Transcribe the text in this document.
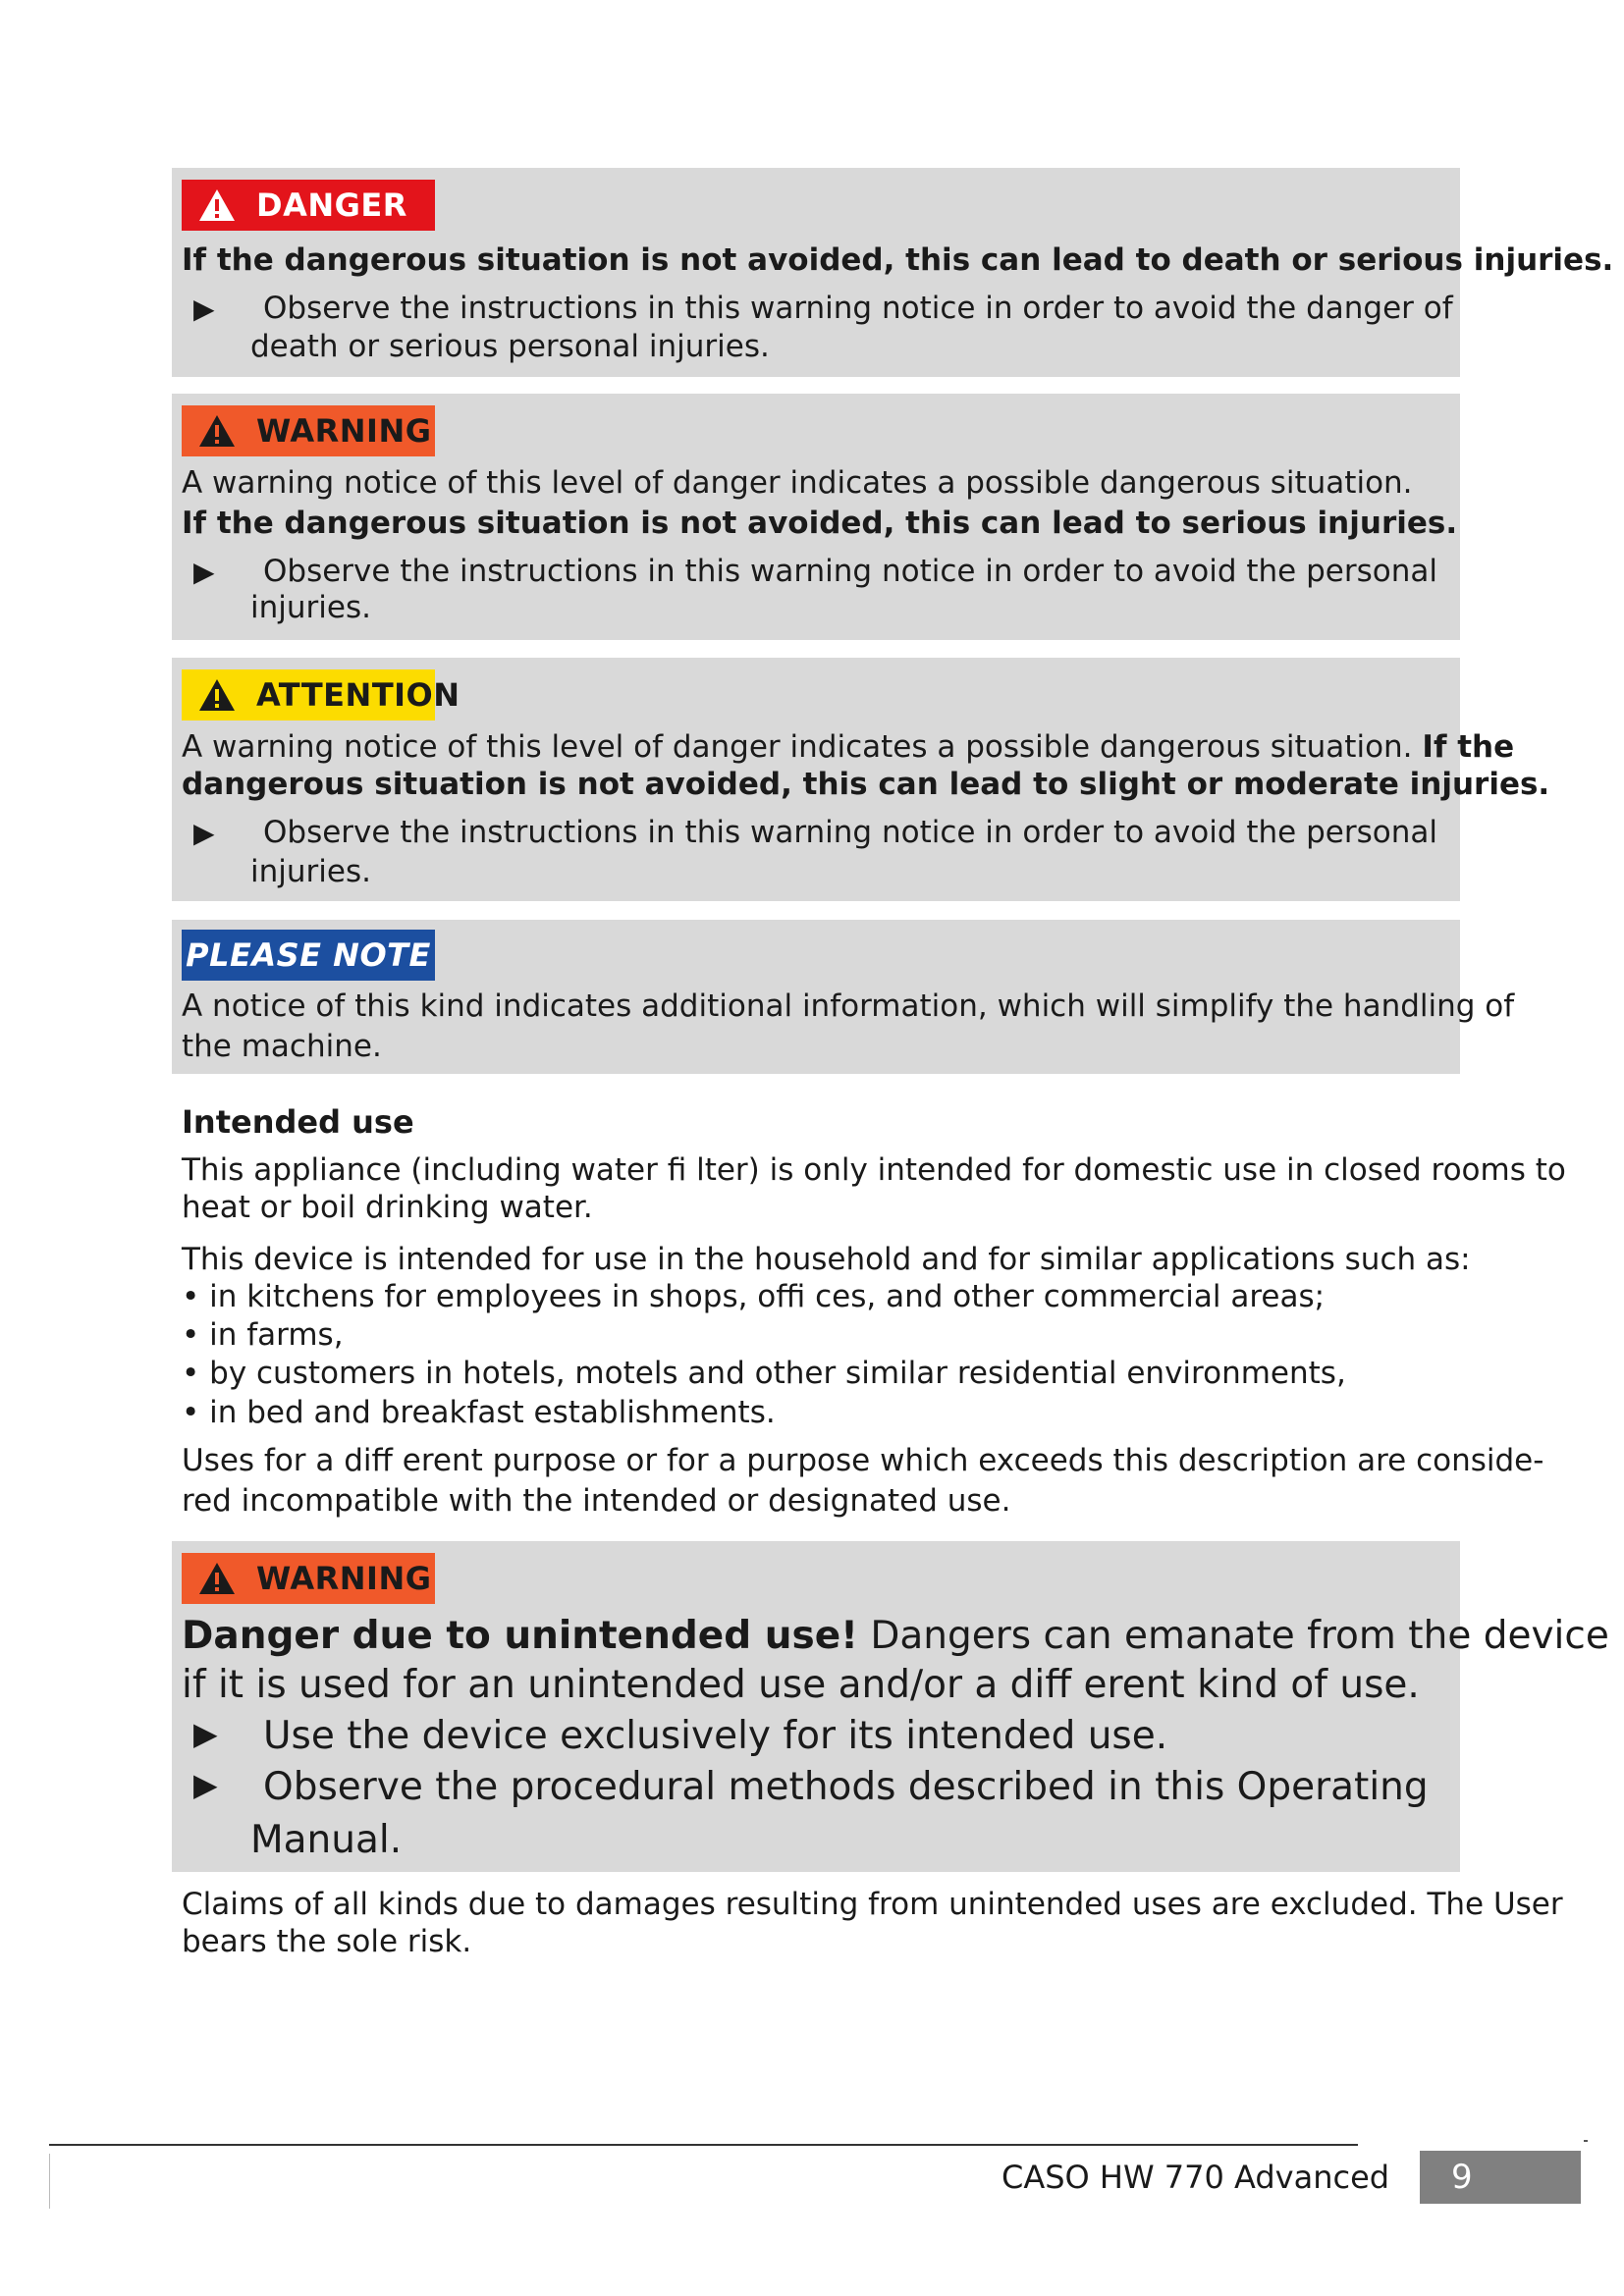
DANGER

If the dangerous situation is not avoided, this can lead to death or serious injuries.

▶ Observe the instructions in this warning notice in order to avoid the danger of

death or serious personal injuries.

WARNING

A warning notice of this level of danger indicates a possible dangerous situation.

If the dangerous situation is not avoided, this can lead to serious injuries.

▶ Observe the instructions in this warning notice in order to avoid the personal

injuries.

ATTENTION

A warning notice of this level of danger indicates a possible dangerous situation. If the

dangerous situation is not avoided, this can lead to slight or moderate injuries.

▶ Observe the instructions in this warning notice in order to avoid the personal

injuries.

PLEASE NOTE

A notice of this kind indicates additional information, which will simplify the handling of

the machine.

Intended use

This appliance (including water fi lter) is only intended for domestic use in closed rooms to

heat or boil drinking water.

This device is intended for use in the household and for similar applications such as:

• in kitchens for employees in shops, offi ces, and other commercial areas;

• in farms,

• by customers in hotels, motels and other similar residential environments,

• in bed and breakfast establishments.

Uses for a diff erent purpose or for a purpose which exceeds this description are conside-

red incompatible with the intended or designated use.

WARNING

Danger due to unintended use! Dangers can emanate from the device

if it is used for an unintended use and/or a diff erent kind of use.

▶ Use the device exclusively for its intended use.

▶ Observe the procedural methods described in this Operating

Manual.

Claims of all kinds due to damages resulting from unintended uses are excluded. The User

bears the sole risk.

CASO HW 770 Advanced	9
